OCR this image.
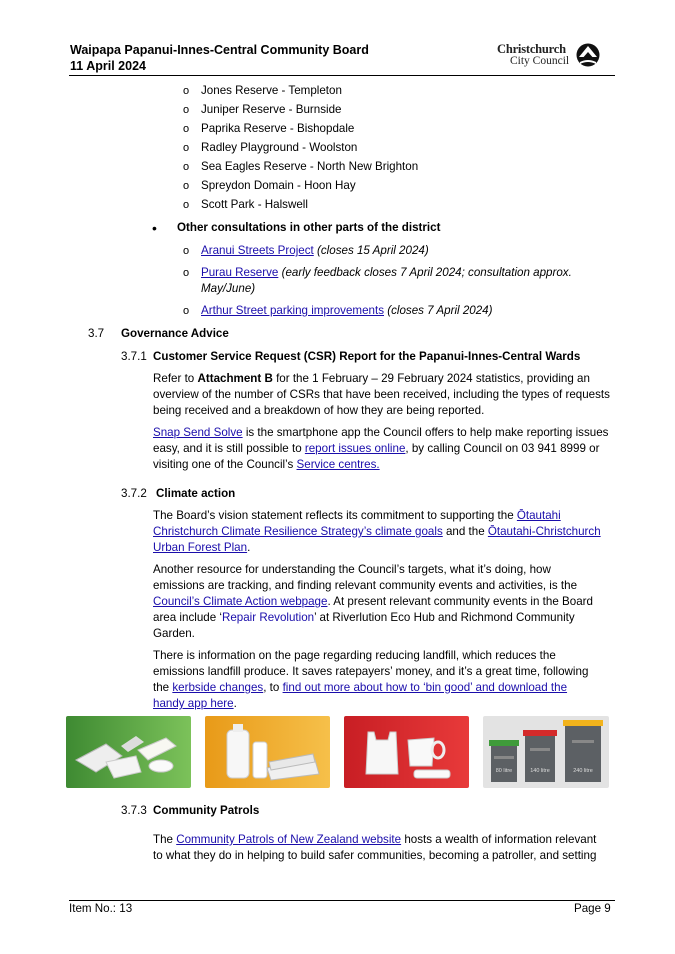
Waipapa Papanui-Innes-Central Community Board
11 April 2024
Christchurch
City Council
o Jones Reserve - Templeton
o Juniper Reserve - Burnside
o Paprika Reserve - Bishopdale
o Radley Playground - Woolston
o Sea Eagles Reserve - North New Brighton
o Spreydon Domain - Hoon Hay
o Scott Park - Halswell
• Other consultations in other parts of the district
o Aranui Streets Project (closes 15 April 2024)
o Purau Reserve (early feedback closes 7 April 2024; consultation approx.
May/June)
o Arthur Street parking improvements (closes 7 April 2024)
3.7 Governance Advice
3.7.1 Customer Service Request (CSR) Report for the Papanui-Innes-Central Wards
Refer to Attachment B for the 1 February – 29 February 2024 statistics, providing an
overview of the number of CSRs that have been received, including the types of requests
being received and a breakdown of how they are being reported.
Snap Send Solve is the smartphone app the Council offers to help make reporting issues
easy, and it is still possible to report issues online, by calling Council on 03 941 8999 or
visiting one of the Council’s Service centres.
3.7.2 Climate action
The Board’s vision statement reflects its commitment to supporting the Ōtautahi
Christchurch Climate Resilience Strategy’s climate goals and the Ōtautahi-Christchurch
Urban Forest Plan.
Another resource for understanding the Council’s targets, what it’s doing, how
emissions are tracking, and finding relevant community events and activities, is the
Council’s Climate Action webpage. At present relevant community events in the Board
area include ‘Repair Revolution’ at Riverlution Eco Hub and Richmond Community
Garden.
There is information on the page regarding reducing landfill, which reduces the
emissions landfill produce. It saves ratepayers’ money, and it’s a great time, following
the kerbside changes, to find out more about how to ‘bin good’ and download the
handy app here.
80 litre	140 litre	240 litre
3.7.3 Community Patrols
The Community Patrols of New Zealand website hosts a wealth of information relevant
to what they do in helping to build safer communities, becoming a patroller, and setting
Item No.: 13	Page 9
